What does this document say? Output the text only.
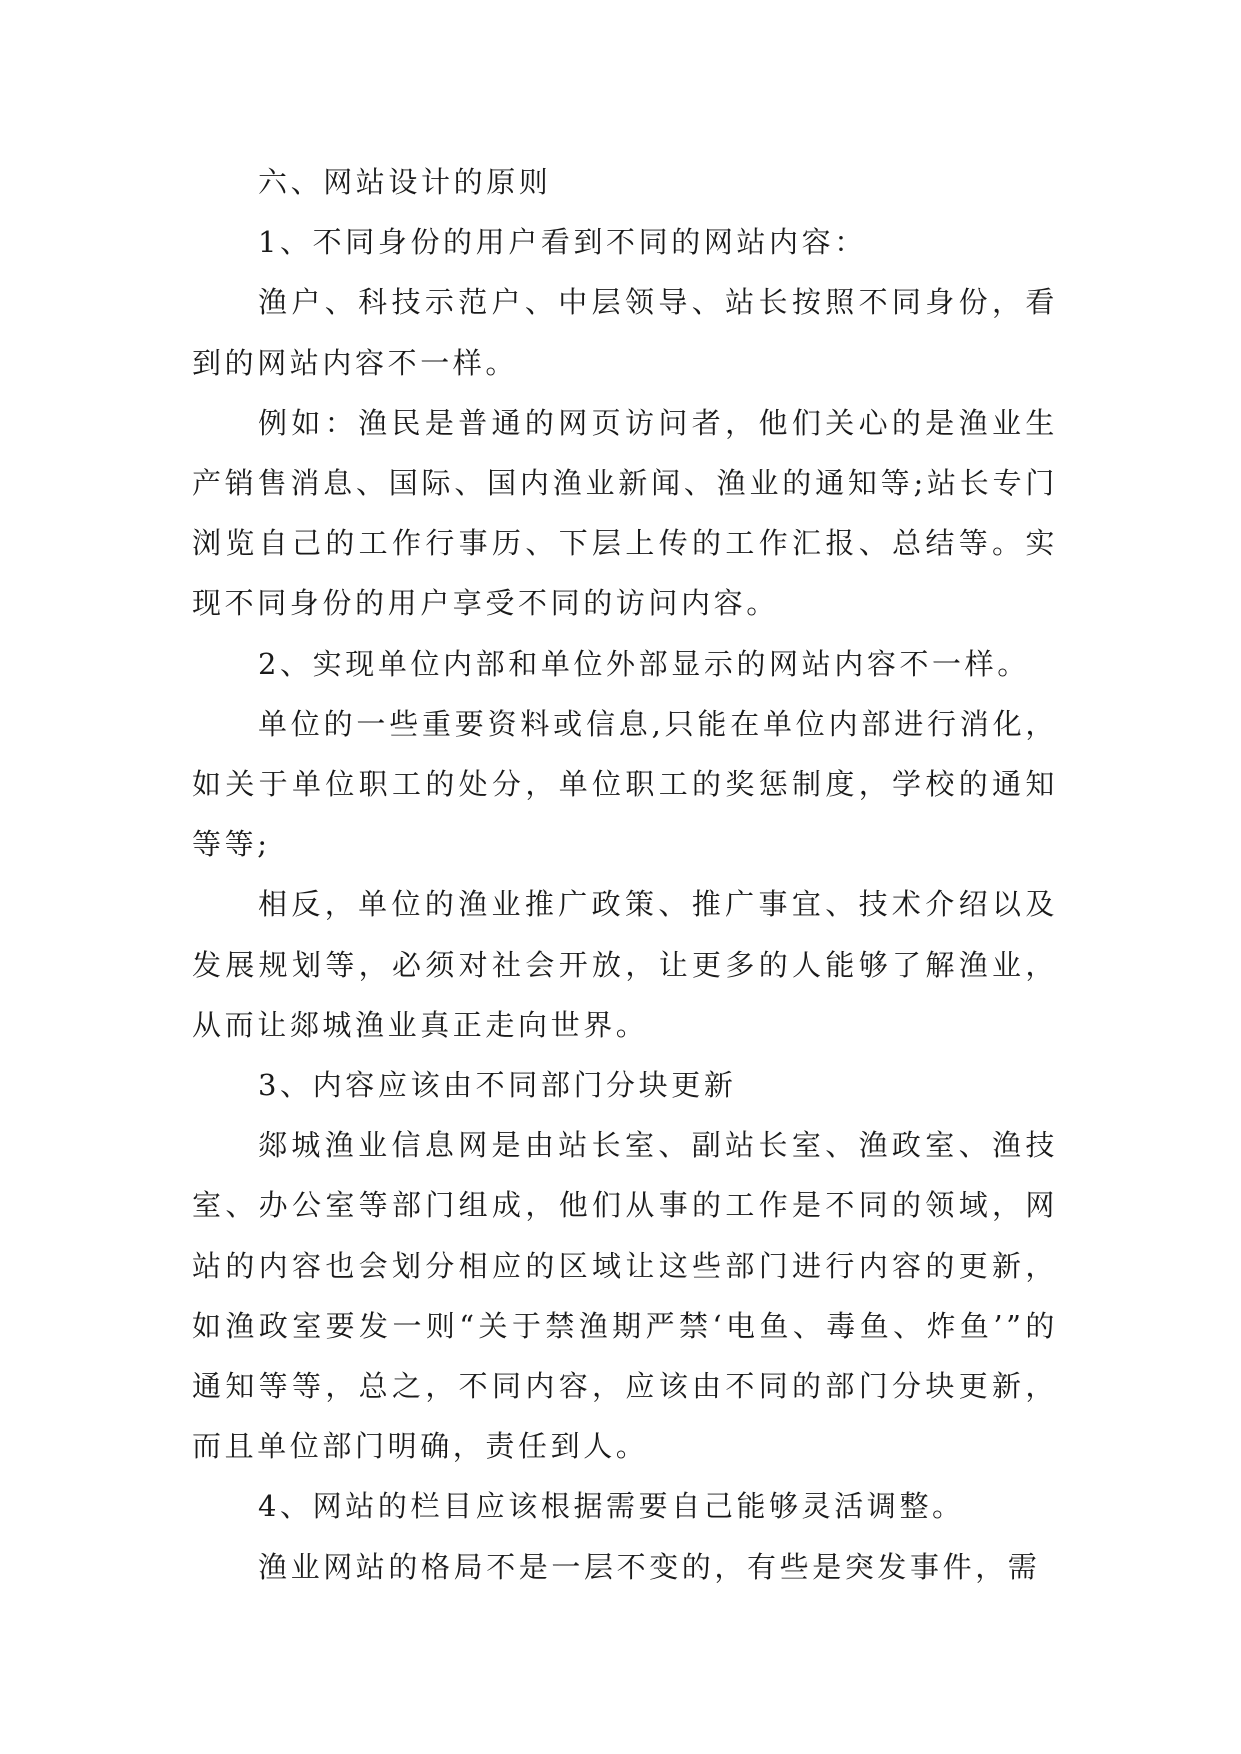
六、网站设计的原则

1、不同身份的用户看到不同的网站内容：

渔户、科技示范户、中层领导、站长按照不同身份，看到的网站内容不一样。

例如：渔民是普通的网页访问者，他们关心的是渔业生产销售消息、国际、国内渔业新闻、渔业的通知等;站长专门浏览自己的工作行事历、下层上传的工作汇报、总结等。实现不同身份的用户享受不同的访问内容。

2、实现单位内部和单位外部显示的网站内容不一样。

单位的一些重要资料或信息,只能在单位内部进行消化，如关于单位职工的处分，单位职工的奖惩制度，学校的通知等等;

相反，单位的渔业推广政策、推广事宜、技术介绍以及发展规划等，必须对社会开放，让更多的人能够了解渔业，从而让郯城渔业真正走向世界。

3、内容应该由不同部门分块更新

郯城渔业信息网是由站长室、副站长室、渔政室、渔技室、办公室等部门组成，他们从事的工作是不同的领域，网站的内容也会划分相应的区域让这些部门进行内容的更新，如渔政室要发一则“关于禁渔期严禁‘电鱼、毒鱼、炸鱼’”的通知等等，总之，不同内容，应该由不同的部门分块更新，而且单位部门明确，责任到人。

4、网站的栏目应该根据需要自己能够灵活调整。

渔业网站的格局不是一层不变的，有些是突发事件，需
